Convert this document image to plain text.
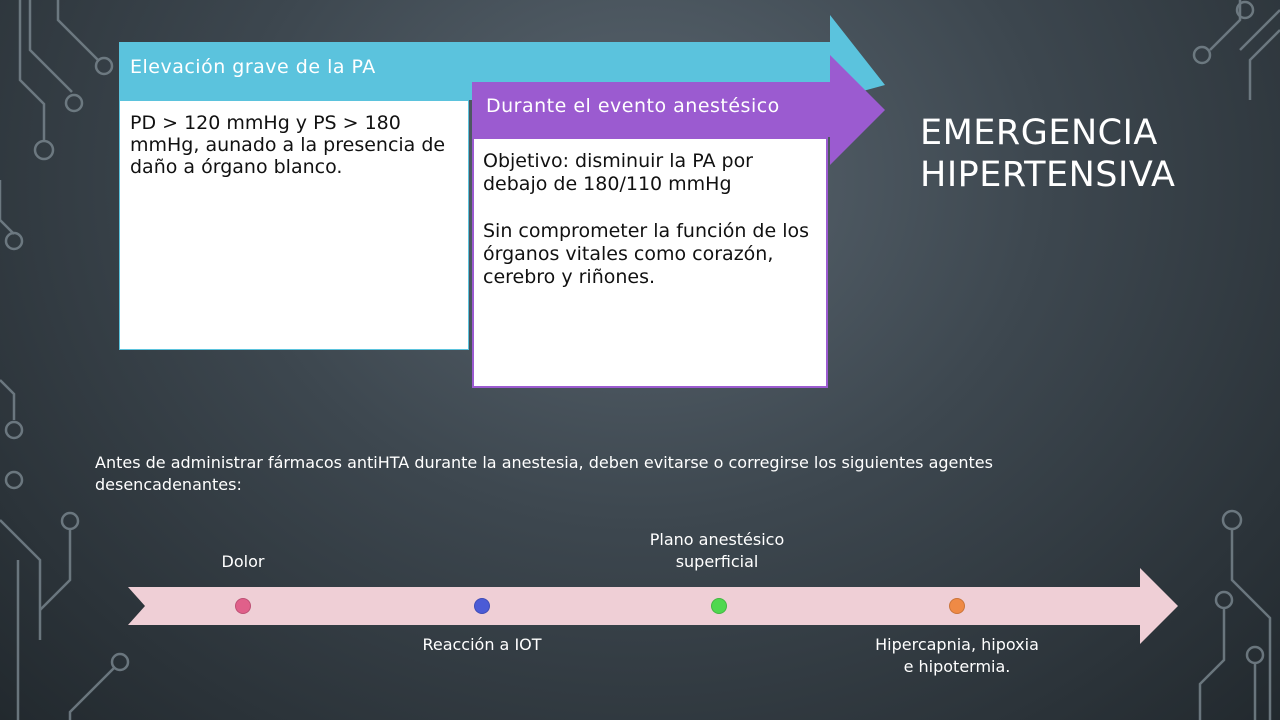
Elevación grave de la PA
PD > 120 mmHg y PS > 180 mmHg, aunado a la presencia de daño a órgano blanco.
Durante el evento anestésico
Objetivo: disminuir la PA por debajo de 180/110 mmHg
Sin comprometer la función de los órganos vitales como corazón, cerebro y riñones.
EMERGENCIA
HIPERTENSIVA
Antes de administrar fármacos antiHTA durante la anestesia, deben evitarse o corregirse los siguientes agentes desencadenantes:
Dolor
Plano anestésico
superficial
Reacción a IOT	Hipercapnia, hipoxia
e hipotermia.
